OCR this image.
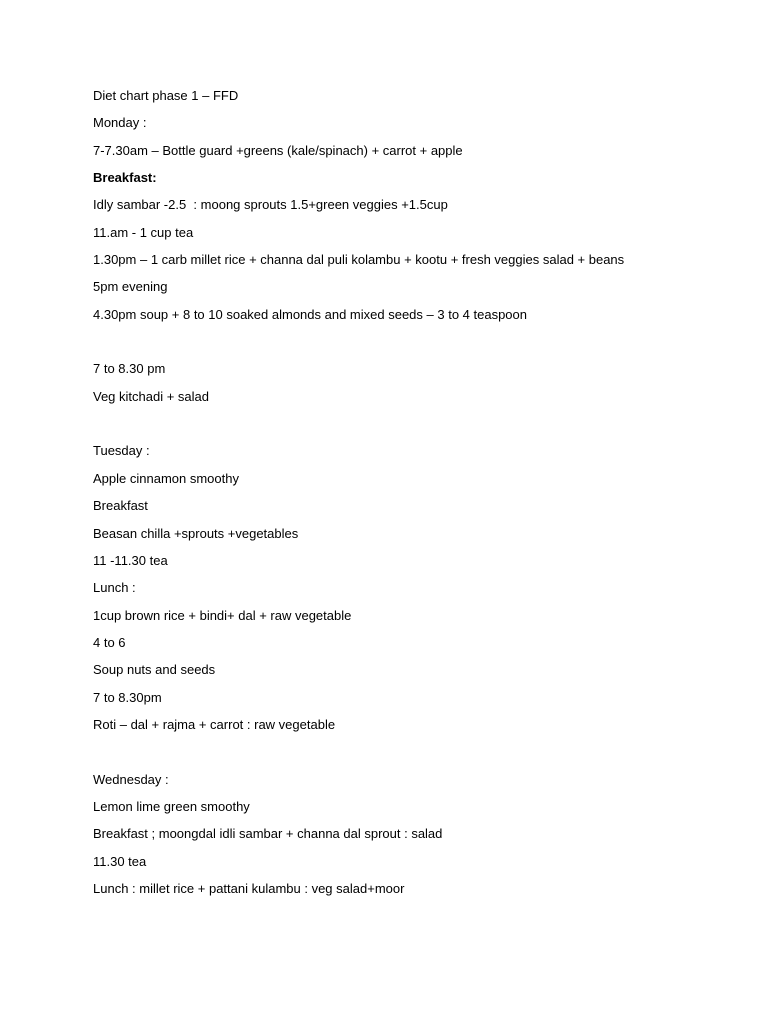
Diet chart phase 1 – FFD
Monday :
7-7.30am – Bottle guard +greens (kale/spinach) + carrot + apple
Breakfast:
Idly sambar -2.5  : moong sprouts 1.5+green veggies +1.5cup
11.am - 1 cup tea
1.30pm – 1 carb millet rice + channa dal puli kolambu + kootu + fresh veggies salad + beans
5pm evening
4.30pm soup + 8 to 10 soaked almonds and mixed seeds – 3 to 4 teaspoon
7 to 8.30 pm
Veg kitchadi + salad
Tuesday :
Apple cinnamon smoothy
Breakfast
Beasan chilla +sprouts +vegetables
11 -11.30 tea
Lunch :
1cup brown rice + bindi+ dal + raw vegetable
4 to 6
Soup nuts and seeds
7 to 8.30pm
Roti – dal + rajma + carrot : raw vegetable
Wednesday :
Lemon lime green smoothy
Breakfast ; moongdal idli sambar + channa dal sprout : salad
11.30 tea
Lunch : millet rice + pattani kulambu : veg salad+moor
